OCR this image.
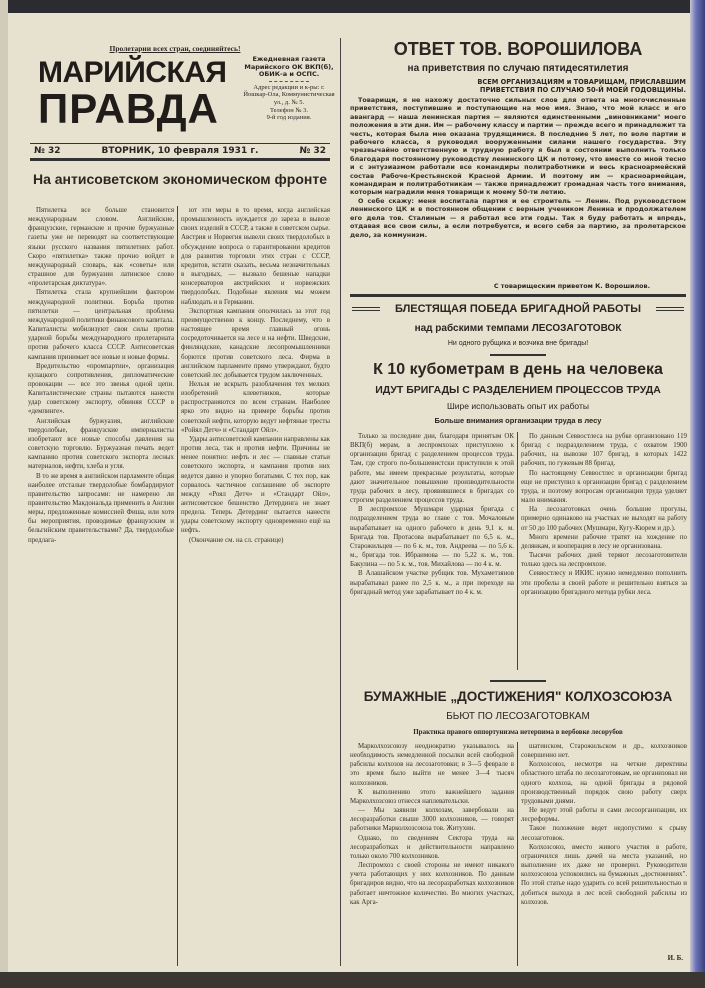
Пролетарии всех стран, соединяйтесь!
МАРИЙСКАЯ
ПРАВДА
Ежедневная газета Марийского ОК ВКП(б), ОБИК-а и ОСПС.
Адрес редакции и к-ры: г. Йошкар-Ола, Коммунистическая ул., д. № 5.
Телефон № 3.
9-й год издания.
№ 32	ВТОРНИК, 10 февраля 1931 г.	№ 32
На антисоветском экономическом фронте

Пятилетка все больше становится международным словом. Английские, французские, германские и прочие буржуазные газеты уже не переводят на соответствующие языки русского названия пятилетних работ. Скоро «пятилетка» также прочно войдет в международный словарь, как «советы» или страшное для буржуазии латинское слово «пролетарская диктатура».

Пятилетка стала крупнейшим фактором международной политики. Борьба против пятилетки — центральная проблема международной политики финансового капитала. Капиталисты мобилизуют свои силы против ударной борьбы международного пролетариата против рабочего класса СССР. Антисоветская кампания принимает все новые и новые формы.

Вредительство «промпартии», организация кулацкого сопротивления, дипломатические провокации — все это звенья одной цепи. Капиталистические страны пытаются нанести удар советскому экспорту, обвиняя СССР в «демпинге».

Английская буржуазия, английские твердолобые, французские империалисты изобретают все новые способы давления на советскую торговлю. Буржуазная печать ведет кампанию против советского экспорта лесных материалов, нефти, хлеба и угля.

В то же время в английском парламенте общая наиболее отсталые твердолобые бомбардируют правительство запросами: не намерено ли правительство Макдональда применить в Англии меры, предложенные комиссией Фиша, или хотя бы мероприятия, проводимые французским и бельгийским правительствами? Да, твердолобые предлага-

ют эти меры в то время, когда английская промышленность нуждается до зареза в вывозе своих изделий в СССР, а также в советском сырье. Австрия и Норвегия вывели своих твердолобых в обсуждение вопроса о гарантировании кредитов для развития торговли этих стран с СССР, кредитов, кстати сказать, весьма незначительных в выгодных, — вызвало бешеные нападки консерваторов австрийских и норвежских твердолобых. Подобные явления мы можем наблюдать и в Германии.

Экспортная кампания ополчилась за этот год преимущественно к концу. Последнему, что в настоящее время главный огонь сосредоточивается на лесе и на нефти. Шведские, финляндские, канадские лесопромышленники борются против советского леса. Фирма в английском парламенте прямо утверждают, будто советский лес добывается трудом заключенных.

Нельзя не вскрыть разоблачения тех мелких изобретений клеветников, которые распространяются по всем странам. Наиболее ярко это видно на примере борьбы против советской нефти, которую ведут нефтяные тресты «Ройял Детч» и «Стандарт Ойл».

Удары антисоветской кампании направлены как против леса, так и против нефти. Причины не менее понятно: нефть и лес — главные статьи советского экспорта, и кампания против них ведется давно и упорно богатыми. С тех пор, как сорвалось частичное соглашение об экспорте между «Роял Детч» и «Стандарт Ойл», антисоветское бешенство Детердинга не знает предела. Теперь Детердинг пытается нанести удары советскому экспорту одновременно ещё на нефть.

(Окончание см. на сл. странице)

ОТВЕТ ТОВ. ВОРОШИЛОВА
на приветствия по случаю пятидесятилетия
ВСЕМ ОРГАНИЗАЦИЯМ и ТОВАРИЩАМ, ПРИСЛАВШИМ ПРИВЕТСТВИЯ ПО СЛУЧАЮ 50-Й МОЕЙ ГОДОВЩИНЫ.

Товарищи, я не нахожу достаточно сильных слов для ответа на многочисленные приветствия, поступившие и поступающие на мое имя. Знаю, что мой класс и его авангард — наша ленинская партия — являются единственными „виновниками" моего положения в эти дни. Им — рабочему классу и партии — прежде всего и принадлежит та честь, которая была мне оказана трудящимися. В последние 5 лет, по воле партии и рабочего класса, я руководил вооруженными силами нашего государства. Эту чрезвычайно ответственную и трудную работу я был в состоянии выполнить только благодаря постоянному руководству ленинского ЦК и потому, что вместе со мной тесно и с энтузиазмом работали все командиры политработники и весь красноармейский состав Рабоче-Крестьянской Красной Армии. И поэтому им — красноармейцам, командирам и политработникам — также принадлежит громадная часть того внимания, которым наградили меня товарищи к моему 50-ти летию.

О себе скажу: меня воспитала партия и ее строитель — Ленин. Под руководством ленинского ЦК и в постоянном общении с верным учеником Ленина и продолжателем его дела тов. Сталиным — я работал все эти годы. Так я буду работать и впредь, отдавая все свои силы, а если потребуется, и всего себя за партию, за пролетарское дело, за коммунизм.

С товарищеским приветом К. Ворошилов.
БЛЕСТЯЩАЯ ПОБЕДА БРИГАДНОЙ РАБОТЫ
над рабскими темпами ЛЕСОЗАГОТОВОК
Ни одного рубщика и возчика вне бригады!
К 10 кубометрам в день на человека
ИДУТ БРИГАДЫ С РАЗДЕЛЕНИЕМ ПРОЦЕССОВ ТРУДА
Шире использовать опыт их работы
Больше внимания организации труда в лесу

Только за последние дни, благодаря принятым ОК ВКП(б) мерам, в леспромхозах приступлено к организации бригад с разделением процессов труда. Там, где строго по-большевистски приступили к этой работе, мы имеем прекрасные результаты, которые дают значительное повышение производительности труда рабочих в лесу, проявившиеся в бригадах со строгим разделением процессов труда.

В леспромхозе Мушмари ударная бригада с подразделением труда во главе с тов. Мочаловым вырабатывает на одного рабочего в день 9,1 к. м. Бригада тов. Протасова вырабатывает по 6,5 к. м., Старожильцев — по 6 к. м., тов. Андреева — по 5,6 к. м., бригада тов. Ибраимова — по 5,22 к. м., тов. Бакулина — по 5 к. м., тов. Михайлова — по 4 к. м.

В Алашайском участке рубщик тов. Мухаметзянов вырабатывал ранее по 2,5 к. м., а при переходе на бригадный метод уже зарабатывает по 4 к. м.

По данным Севвостлеса на рубке организовано 119 бригад с подразделением труда, с охватом 1900 рабочих, на вывозке 107 бригад, в которых 1422 рабочих, по гужевым 88 бригад.

По настоящему Севвостлес и организации бригад еще не приступил к организации бригад с разделением труда, и поэтому вопросам организации труда уделяет мало внимания.

На лесозаготовках очень большие прогулы, примерно одинаково на участках не выходят на работу от 50 до 100 рабочих (Мушмари, Кугу-Кюрем и др.).

Много времени рабочие тратят на хождение по делянкам, и кооперация в лесу не организована.

Тысячи рабочих дней теряют лесозаготовители только здесь на леспромхозе.

Севвостлесу и ИКИС нужно немедленно пополнить эти пробелы в своей работе и решительно взяться за организацию бригадного метода рубки леса.

БУМАЖНЫЕ „ДОСТИЖЕНИЯ" КОЛХОЗСОЮЗА
БЬЮТ ПО ЛЕСОЗАГОТОВКАМ
Практика правого оппортунизма нетерпима в вербовке лесорубов

Марколхозсоюзу неоднократно указывалось на необходимость немедленной посылки всей свободной рабсилы колхозов на лесозаготовки; в 3—5 феврале в это время было выйти не менее 3—4 тысяч колхозников.

К выполнению этого важнейшего задания Марколхозсоюз отнесся наплевательски.

— Мы заявили колхозам, завербовали на лесоразработки свыше 3000 колхозников, — говорят работники Марколхозсоюза тов. Житухин.

Однако, по сведениям Сектора труда на лесоразработках и действительности направлено только около 700 колхозников.

Леспромхоз с своей стороны не имеют никакого учета работающих у них колхозников. По данным бригадиров видно, что на лесоразработках колхозников работает ничтожное количество. Во многих участках, как Арга-

шатинском, Старожильском и др., колхозников совершенно нет.

Колхозсоюз, несмотря на четкие директивы областного штаба по лесозаготовкам, не организовал ни одного колхоза, на одной бригады в рядовой производственный порядок свою работу сверх трудовыми днями.

Не ведут этой работы и сами лесоорганизации, их лесреформы.

Такое положение ведет недопустимо к срыву лесозаготовок.

Колхозсоюз, вместо живого участия в работе, ограничился лишь дачей на места указаний, но выполнение их даже не проверил. Руководители колхозсоюза успокоились на бумажных „достижениях". По этой статье надо ударить со всей решительностью и добиться выхода в лес всей свободной рабсилы из колхозов.

И. Б.
